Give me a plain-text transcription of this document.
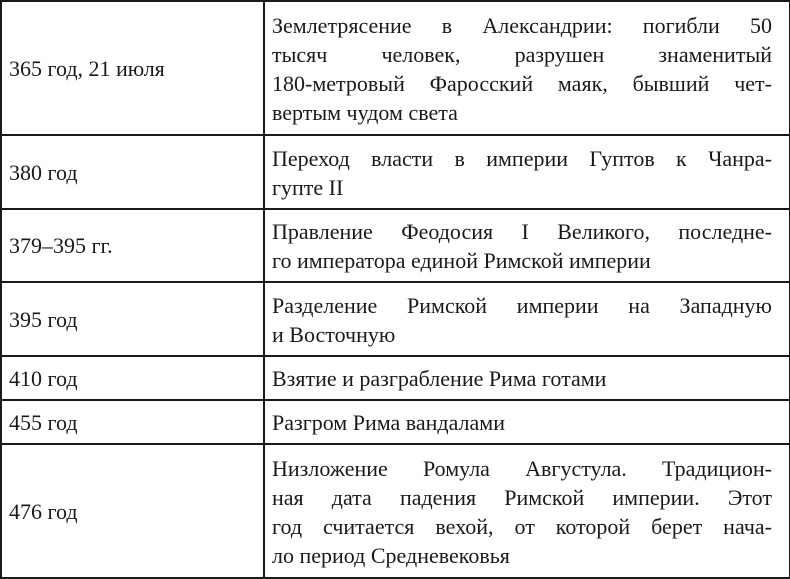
365 год, 21 июля	Землетрясение в Александрии: погибли 50
тысяч человек, разрушен знаменитый
180-метровый Фаросский маяк, бывший чет-
вертым чудом света

380 год	Переход власти в империи Гуптов к Чанра-
гупте II

379–395 гг.	Правление Феодосия I Великого, последне-
го императора единой Римской империи

395 год	Разделение Римской империи на Западную
и Восточную

410 год	Взятие и разграбление Рима готами

455 год	Разгром Рима вандалами

476 год	Низложение Ромула Августула. Традицион-
ная дата падения Римской империи. Этот
год считается вехой, от которой берет нача-
ло период Средневековья
